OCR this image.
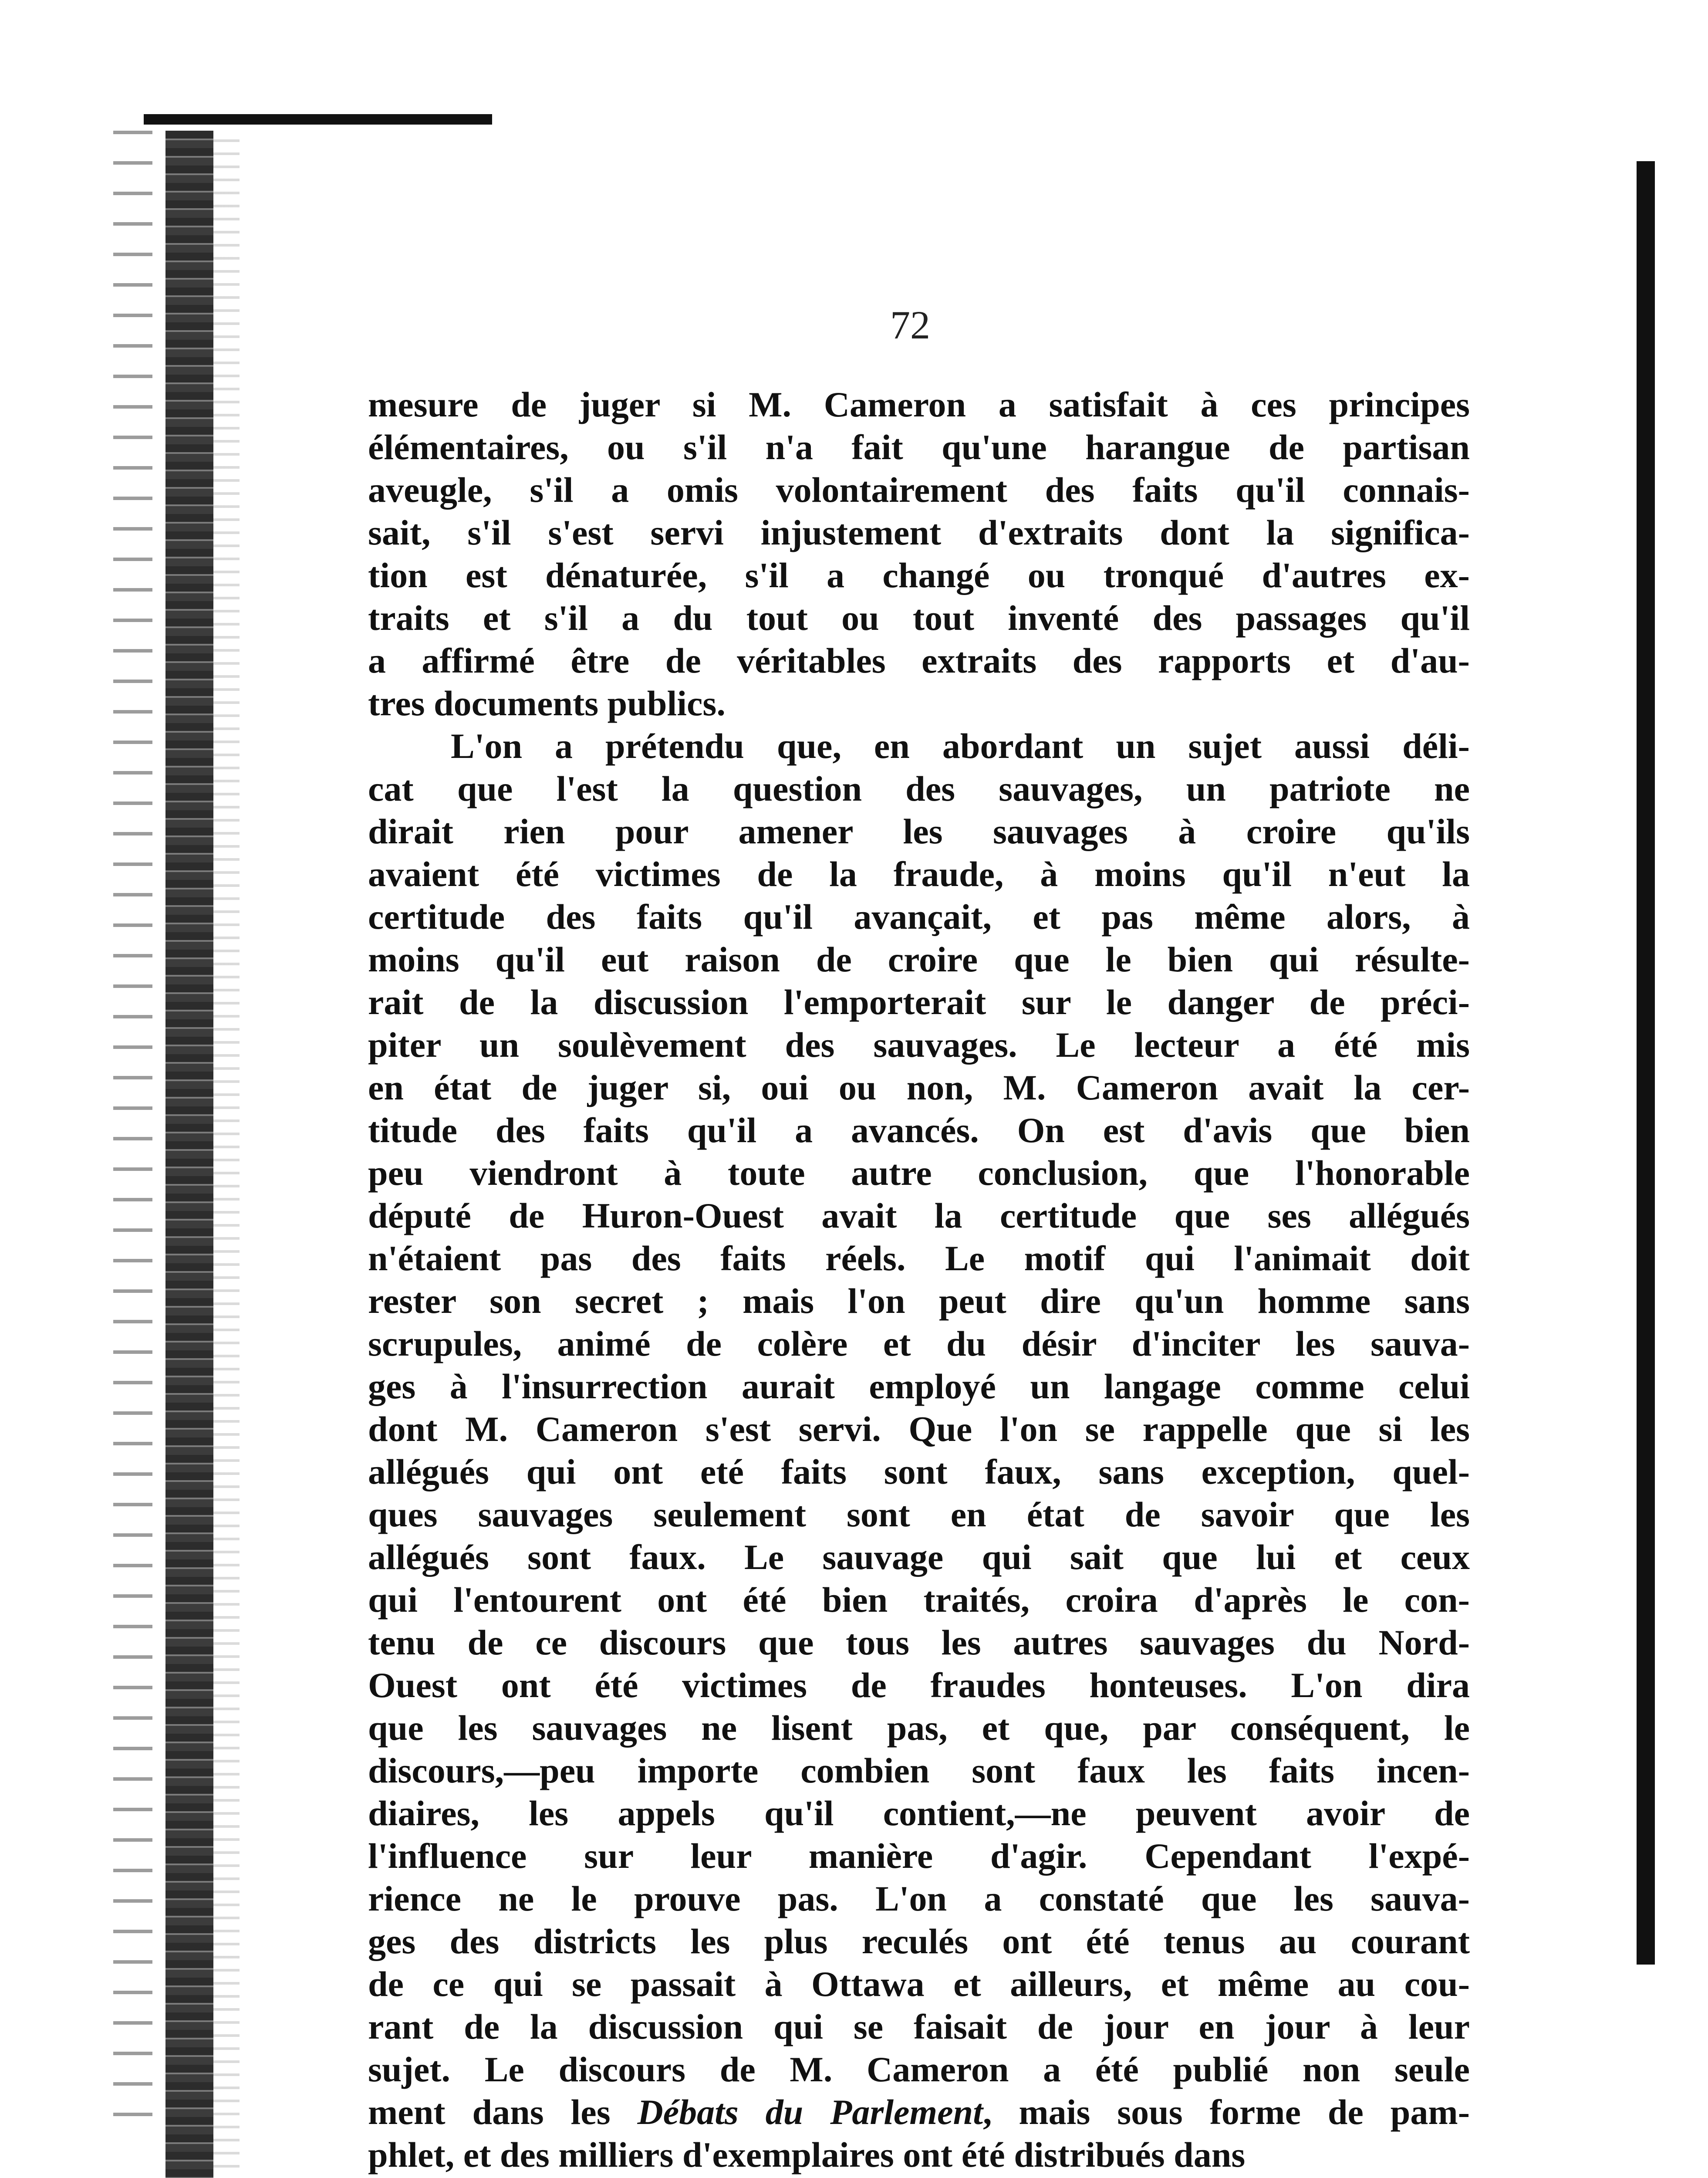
72

mesure de juger si M. Cameron a satisfait à ces principes
élémentaires, ou s'il n'a fait qu'une harangue de partisan
aveugle, s'il a omis volontairement des faits qu'il connais-
sait, s'il s'est servi injustement d'extraits dont la significa-
tion est dénaturée, s'il a changé ou tronqué d'autres ex-
traits et s'il a du tout ou tout inventé des passages qu'il
a affirmé être de véritables extraits des rapports et d'au-
tres documents publics.

L'on a prétendu que, en abordant un sujet aussi déli-
cat que l'est la question des sauvages, un patriote ne
dirait rien pour amener les sauvages à croire qu'ils
avaient été victimes de la fraude, à moins qu'il n'eut la
certitude des faits qu'il avançait, et pas même alors, à
moins qu'il eut raison de croire que le bien qui résulte-
rait de la discussion l'emporterait sur le danger de préci-
piter un soulèvement des sauvages. Le lecteur a été mis
en état de juger si, oui ou non, M. Cameron avait la cer-
titude des faits qu'il a avancés. On est d'avis que bien
peu viendront à toute autre conclusion, que l'honorable
député de Huron-Ouest avait la certitude que ses allégués
n'étaient pas des faits réels. Le motif qui l'animait doit
rester son secret ; mais l'on peut dire qu'un homme sans
scrupules, animé de colère et du désir d'inciter les sauva-
ges à l'insurrection aurait employé un langage comme celui
dont M. Cameron s'est servi. Que l'on se rappelle que si les
allégués qui ont eté faits sont faux, sans exception, quel-
ques sauvages seulement sont en état de savoir que les
allégués sont faux. Le sauvage qui sait que lui et ceux
qui l'entourent ont été bien traités, croira d'après le con-
tenu de ce discours que tous les autres sauvages du Nord-
Ouest ont été victimes de fraudes honteuses. L'on dira
que les sauvages ne lisent pas, et que, par conséquent, le
discours,—peu importe combien sont faux les faits incen-
diaires, les appels qu'il contient,—ne peuvent avoir de
l'influence sur leur manière d'agir. Cependant l'expé-
rience ne le prouve pas. L'on a constaté que les sauva-
ges des districts les plus reculés ont été tenus au courant
de ce qui se passait à Ottawa et ailleurs, et même au cou-
rant de la discussion qui se faisait de jour en jour à leur
sujet. Le discours de M. Cameron a été publié non seule
ment dans les Débats du Parlement, mais sous forme de pam-
phlet, et des milliers d'exemplaires ont été distribués dans
